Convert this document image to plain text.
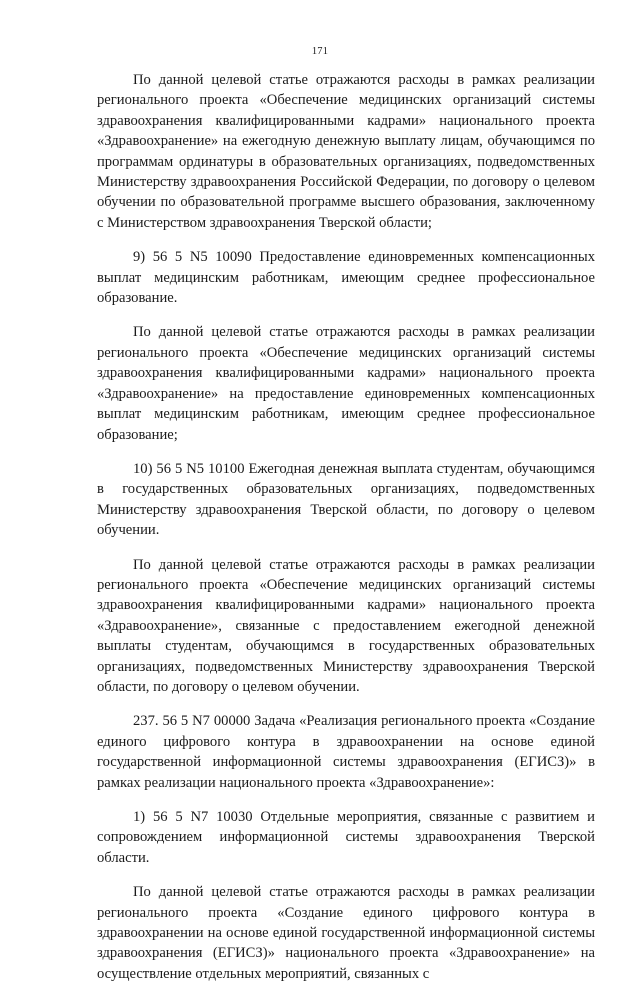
171

По данной целевой статье отражаются расходы в рамках реализации регионального проекта «Обеспечение медицинских организаций системы здравоохранения квалифицированными кадрами» национального проекта «Здравоохранение» на ежегодную денежную выплату лицам, обучающимся по программам ординатуры в образовательных организациях, подведомственных Министерству здравоохранения Российской Федерации, по договору о целевом обучении по образовательной программе высшего образования, заключенному с Министерством здравоохранения Тверской области;

9) 56 5 N5 10090 Предоставление единовременных компенсационных выплат медицинским работникам, имеющим среднее профессиональное образование.

По данной целевой статье отражаются расходы в рамках реализации регионального проекта «Обеспечение медицинских организаций системы здравоохранения квалифицированными кадрами» национального проекта «Здравоохранение» на предоставление единовременных компенсационных выплат медицинским работникам, имеющим среднее профессиональное образование;

10) 56 5 N5 10100 Ежегодная денежная выплата студентам, обучающимся в государственных образовательных организациях, подведомственных Министерству здравоохранения Тверской области, по договору о целевом обучении.

По данной целевой статье отражаются расходы в рамках реализации регионального проекта «Обеспечение медицинских организаций системы здравоохранения квалифицированными кадрами» национального проекта «Здравоохранение», связанные с предоставлением ежегодной денежной выплаты студентам, обучающимся в государственных образовательных организациях, подведомственных Министерству здравоохранения Тверской области, по договору о целевом обучении.

237. 56 5 N7 00000 Задача «Реализация регионального проекта «Создание единого цифрового контура в здравоохранении на основе единой государственной информационной системы здравоохранения (ЕГИСЗ)» в рамках реализации национального проекта «Здравоохранение»:

1) 56 5 N7 10030 Отдельные мероприятия, связанные с развитием и сопровождением информационной системы здравоохранения Тверской области.

По данной целевой статье отражаются расходы в рамках реализации регионального проекта «Создание единого цифрового контура в здравоохранении на основе единой государственной информационной системы здравоохранения (ЕГИСЗ)» национального проекта «Здравоохранение» на осуществление отдельных мероприятий, связанных с
